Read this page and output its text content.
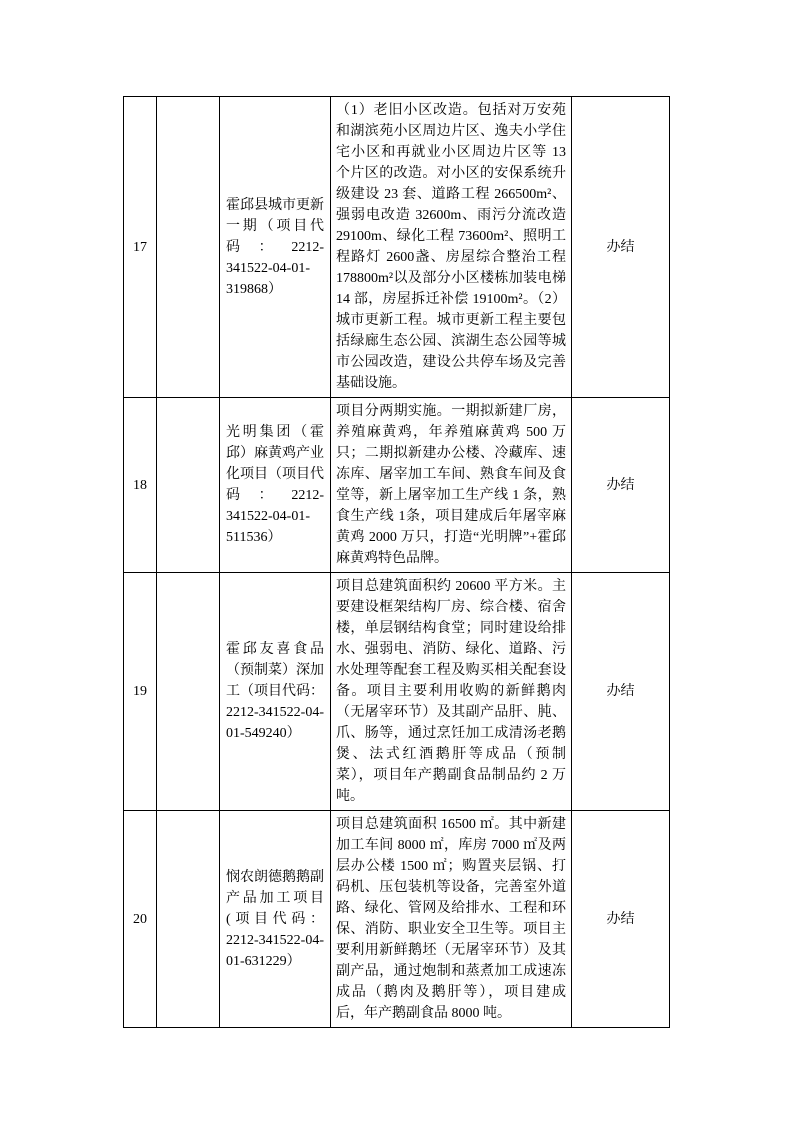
17		霍邱县城市更新一期（项目代码：2212-341522-04-01-319868）	（1）老旧小区改造。包括对万安苑和湖滨苑小区周边片区、逸夫小学住宅小区和再就业小区周边片区等 13 个片区的改造。对小区的安保系统升级建设 23 套、道路工程 266500m²、强弱电改造 32600m、雨污分流改造 29100m、绿化工程 73600m²、照明工程路灯 2600盏、房屋综合整治工程 178800m²以及部分小区楼栋加装电梯 14 部，房屋拆迁补偿 19100m²。（2）城市更新工程。城市更新工程主要包括绿廊生态公园、滨湖生态公园等城市公园改造，建设公共停车场及完善基础设施。	办结
18		光明集团（霍邱）麻黄鸡产业化项目（项目代码：2212-341522-04-01-511536）	项目分两期实施。一期拟新建厂房，养殖麻黄鸡，年养殖麻黄鸡 500 万只；二期拟新建办公楼、冷藏库、速冻库、屠宰加工车间、熟食车间及食堂等，新上屠宰加工生产线 1 条，熟食生产线 1条，项目建成后年屠宰麻黄鸡 2000 万只，打造“光明牌”+霍邱麻黄鸡特色品牌。	办结
19		霍邱友喜食品（预制菜）深加工（项目代码：2212-341522-04-01-549240）	项目总建筑面积约 20600 平方米。主要建设框架结构厂房、综合楼、宿舍楼，单层钢结构食堂；同时建设给排水、强弱电、消防、绿化、道路、污水处理等配套工程及购买相关配套设备。项目主要利用收购的新鲜鹅肉（无屠宰环节）及其副产品肝、肫、爪、肠等，通过烹饪加工成清汤老鹅煲、法式红酒鹅肝等成品（预制菜），项目年产鹅副食品制品约 2 万吨。	办结
20		悯农朗德鹅鹅副产品加工项目(项目代码：2212-341522-04-01-631229）	项目总建筑面积 16500 ㎡。其中新建加工车间 8000 ㎡，库房 7000 ㎡及两层办公楼 1500 ㎡；购置夹层锅、打码机、压包装机等设备，完善室外道路、绿化、管网及给排水、工程和环保、消防、职业安全卫生等。项目主要利用新鲜鹅坯（无屠宰环节）及其副产品，通过炮制和蒸煮加工成速冻成品（鹅肉及鹅肝等），项目建成后，年产鹅副食品 8000 吨。	办结
